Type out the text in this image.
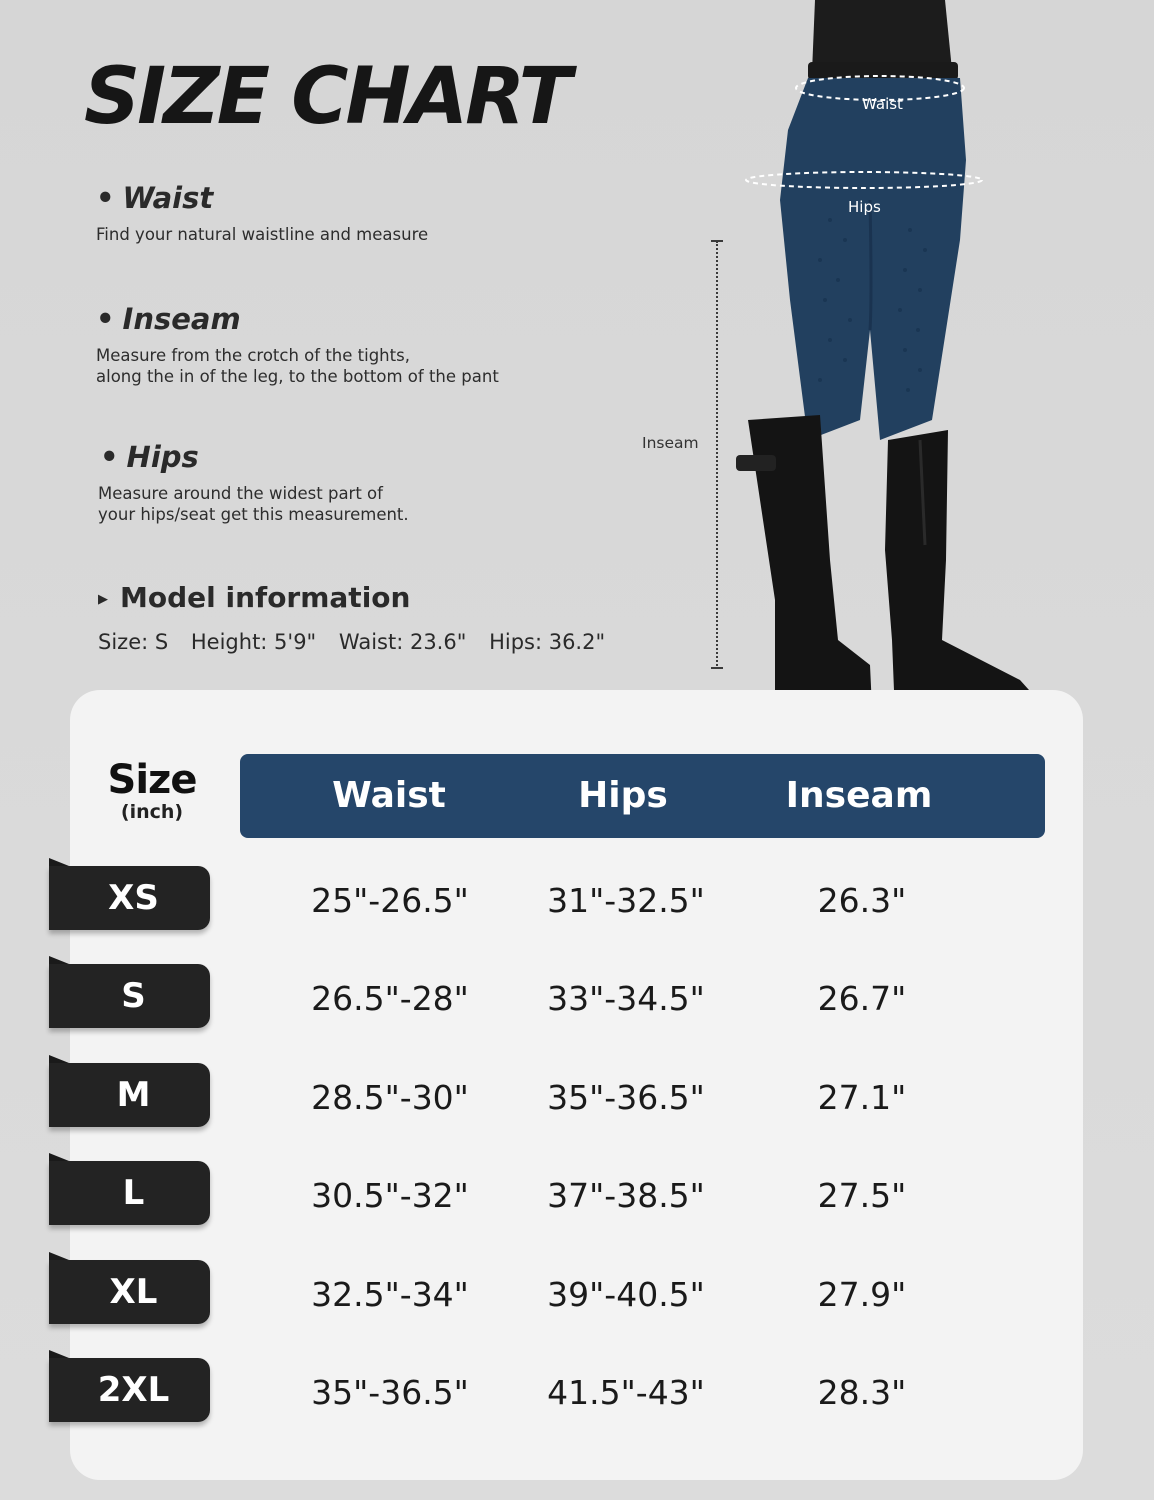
SIZE CHART
• Waist
Find your natural waistline and measure
• Inseam
Measure from the crotch of the tights,
along the in of the leg, to the bottom of the pant
• Hips
Measure around the widest part of
your hips/seat get this measurement.
▶ Model information
Size: S Height: 5'9" Waist: 23.6" Hips: 36.2"
Waist
Hips
Inseam
Size
(inch)	Waist	Hips	Inseam
XS	25"-26.5"	31"-32.5"	26.3"
S	26.5"-28"	33"-34.5"	26.7"
M	28.5"-30"	35"-36.5"	27.1"
L	30.5"-32"	37"-38.5"	27.5"
XL	32.5"-34"	39"-40.5"	27.9"
2XL	35"-36.5"	41.5"-43"	28.3"
